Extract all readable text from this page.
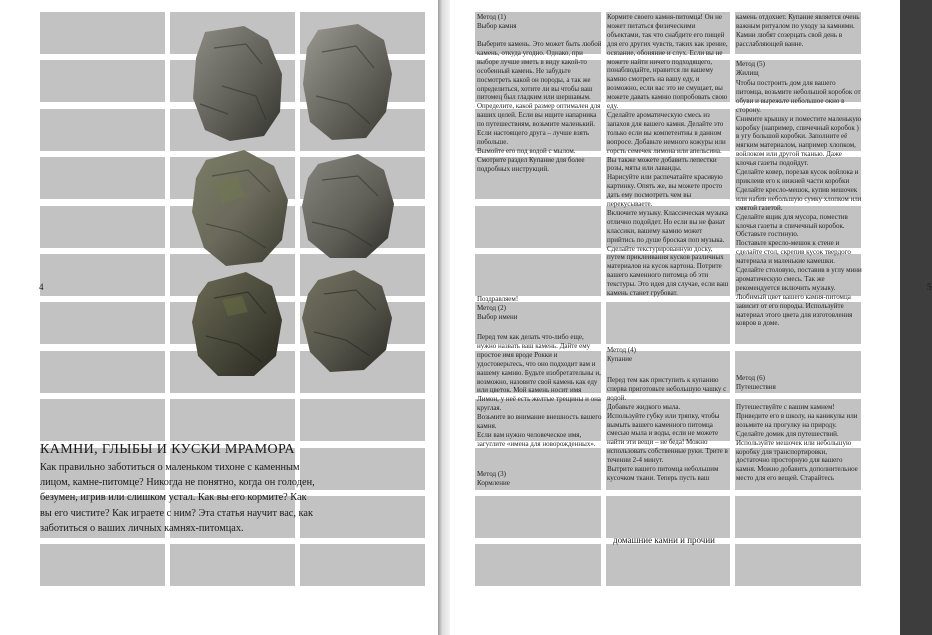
4
КАМНИ, ГЛЫБЫ И КУСКИ МРАМОРА
Как правильно заботиться о маленьком тихоне с каменным лицом, камне-питомце? Никогда не понятно, когда он голоден, безумен, игрив или слишком устал. Как вы его кормите? Как вы его чистите? Как играете с ним? Эта статья научит вас, как заботиться о ваших личных камнях-питомцах.
Метод (1)
Выбор камня

Выберите камень. Это может быть любой камень, откуда угодно. Однако, при выборе лучше иметь в виду какой-то особенный камень. Не забудьте посмотреть какой он породы, а так же определиться, хотите ли вы чтобы ваш питомец был гладким или шершавым.
Определите, какой размер оптимален для ваших целей. Если вы ищите напарника по путешествиям, возьмите маленький. Если настоящего друга – лучше взять побольше.
Вымойте его под водой с мылом. Смотрите раздел Купание для более подробных инструкций.

5
Поздравляем!
Метод (2)
Выбор имени

Перед тем как делать что-либо еще, нужно назвать ваш камень. Дайте ему простое имя вроде Рокки и удостоверьтесь, что оно подходит вам и вашему камню. Будьте изобретательны и, возможно, назовите свой камень как еду или цветок. Мой камень носит имя Лимон, у неё есть желтые трещины и она круглая.
Возьмите во внимание внешность вашего камня.
Если вам нужно человеческое имя, загуглите «имена для новорожденных».

Метод (3)
Кормление

Кормите своего камня-питомца! Он не может питаться физическими объектами, так что снабдите его пищей для его других чувств, таких как зрение, осязание, обоняние и слух. Если вы не можете найти ничего подходящего, понаблюдайте, нравится ли вашему камню смотреть на вашу еду, и возможно, если вас это не смущает, вы можете давать камню попробовать свою еду.
Сделайте ароматическую смесь из запахов для вашего камня. Делайте это только если вы компетентны в данном вопросе. Добавьте немного кожуры или горсть семечек лимона или апельсина.
Вы также можете добавить лепестки розы, мяты или лаванды.
Нарисуйте или распечатайте красивую картинку. Опять же, вы можете просто дать ему посмотреть чем вы перекусываете.
Включите музыку. Классическая музыка отлично подойдет. Но если вы не фанат классики, вашему камню может прийтись по душе броская поп музыка.
Сделайте текстурированную доску, путем приклеивания кусков различных материалов на кусок картона. Потрите вашего каменного питомца об эти текстуры. Это идея для случае, если ваш камень станет грубоват.

Метод (4)
Купание

Перед тем как приступить к купанию сперва приготовьте небольшую чашку с водой.
Добавьте жидкого мыла.
Используйте губку или тряпку, чтобы вымыть вашего каменного питомца смесью мыла и воды, если не можете найти эти вещи – не беда! Можно использовать собственные руки. Трите в течении 2-4 минут.
Вытрите вашего питомца небольшим кусочком ткани. Теперь пусть ваш

камень отдохнет. Купание является очень важным ритуалом по уходу за камнями. Камни любят созерцать свой день в расслабляющей ванне.

Метод (5)
Жилищ

Чтобы построить дом для вашего питомца, возьмите небольшой коробок от обуви и вырежьте небольшое окно в сторону.
Снимите крышку и поместите маленькую коробку (например, спичечный коробок ) в угу большой коробки. Заполните её мягким материалом, например хлопком, войлоком или другой тканью. Даже клочья газеты подойдут.
Сделайте ковер, порезав кусок войлока и приклеив его к нижней части коробки
Сделайте кресло-мешок, купив мешочек или набив небольшую сумку хлопком или смятой газетой.
Сделайте ящик для мусора, поместив клочья газеты в спичечный коробок. Обставьте гостиную.
Поставьте кресло-мешок к стене и сделайте стол, скрепив кусок твердого материала и маленькие камешки.
Сделайте столовую, поставив в углу мини ароматическую смесь. Так же рекомендуется включить музыку. Любимый цвет вашего камня-питомца зависит от его породы. Используйте материал этого цвета для изготовления ковров в доме.

Метод (6)
Путешествия

Путешествуйте с вашим камнем! Приведите его в школу, на каникулы или возьмите на прогулку на природу. Сделайте домик для путешествий. Используйте мешочек или небольшую коробку для транспортировки, достаточно просторную для вашего камня. Можно добавить дополнительное место для его вещей. Старайтесь

домашние камни и прочии
